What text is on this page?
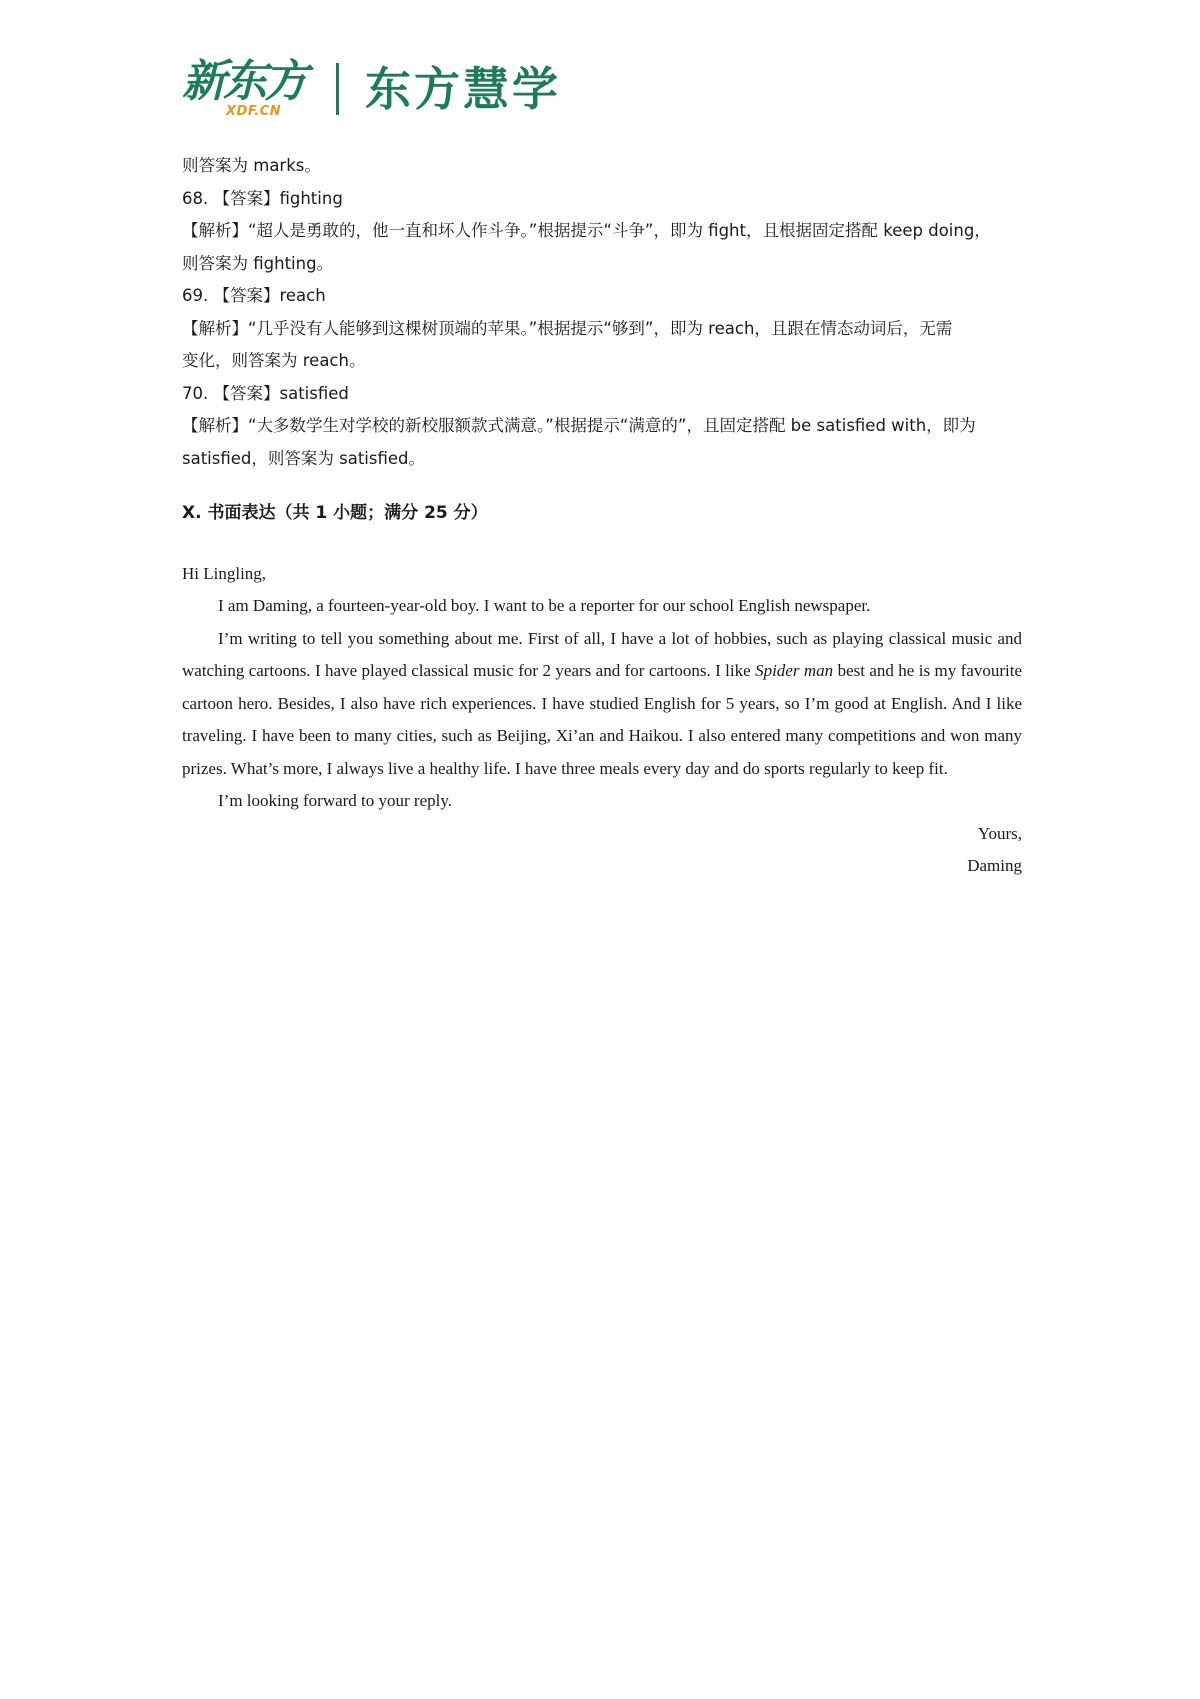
新东方
XDF.CN 东方慧学
则答案为 marks。
68. 【答案】fighting
【解析】“超人是勇敢的，他一直和坏人作斗争。”根据提示“斗争”，即为 fight，且根据固定搭配 keep doing，
则答案为 fighting。
69. 【答案】reach
【解析】“几乎没有人能够到这棵树顶端的苹果。”根据提示“够到”，即为 reach，且跟在情态动词后，无需
变化，则答案为 reach。
70. 【答案】satisfied
【解析】“大多数学生对学校的新校服额款式满意。”根据提示“满意的”，且固定搭配 be satisfied with，即为
satisfied，则答案为 satisfied。
X. 书面表达（共 1 小题；满分 25 分）
Hi Lingling,
I am Daming, a fourteen-year-old boy. I want to be a reporter for our school English newspaper.
I’m writing to tell you something about me. First of all, I have a lot of hobbies, such as playing classical music and watching cartoons. I have played classical music for 2 years and for cartoons. I like Spider man best and he is my favourite cartoon hero. Besides, I also have rich experiences. I have studied English for 5 years, so I’m good at English. And I like traveling. I have been to many cities, such as Beijing, Xi’an and Haikou. I also entered many competitions and won many prizes. What’s more, I always live a healthy life. I have three meals every day and do sports regularly to keep fit.
I’m looking forward to your reply.
Yours,
Daming
